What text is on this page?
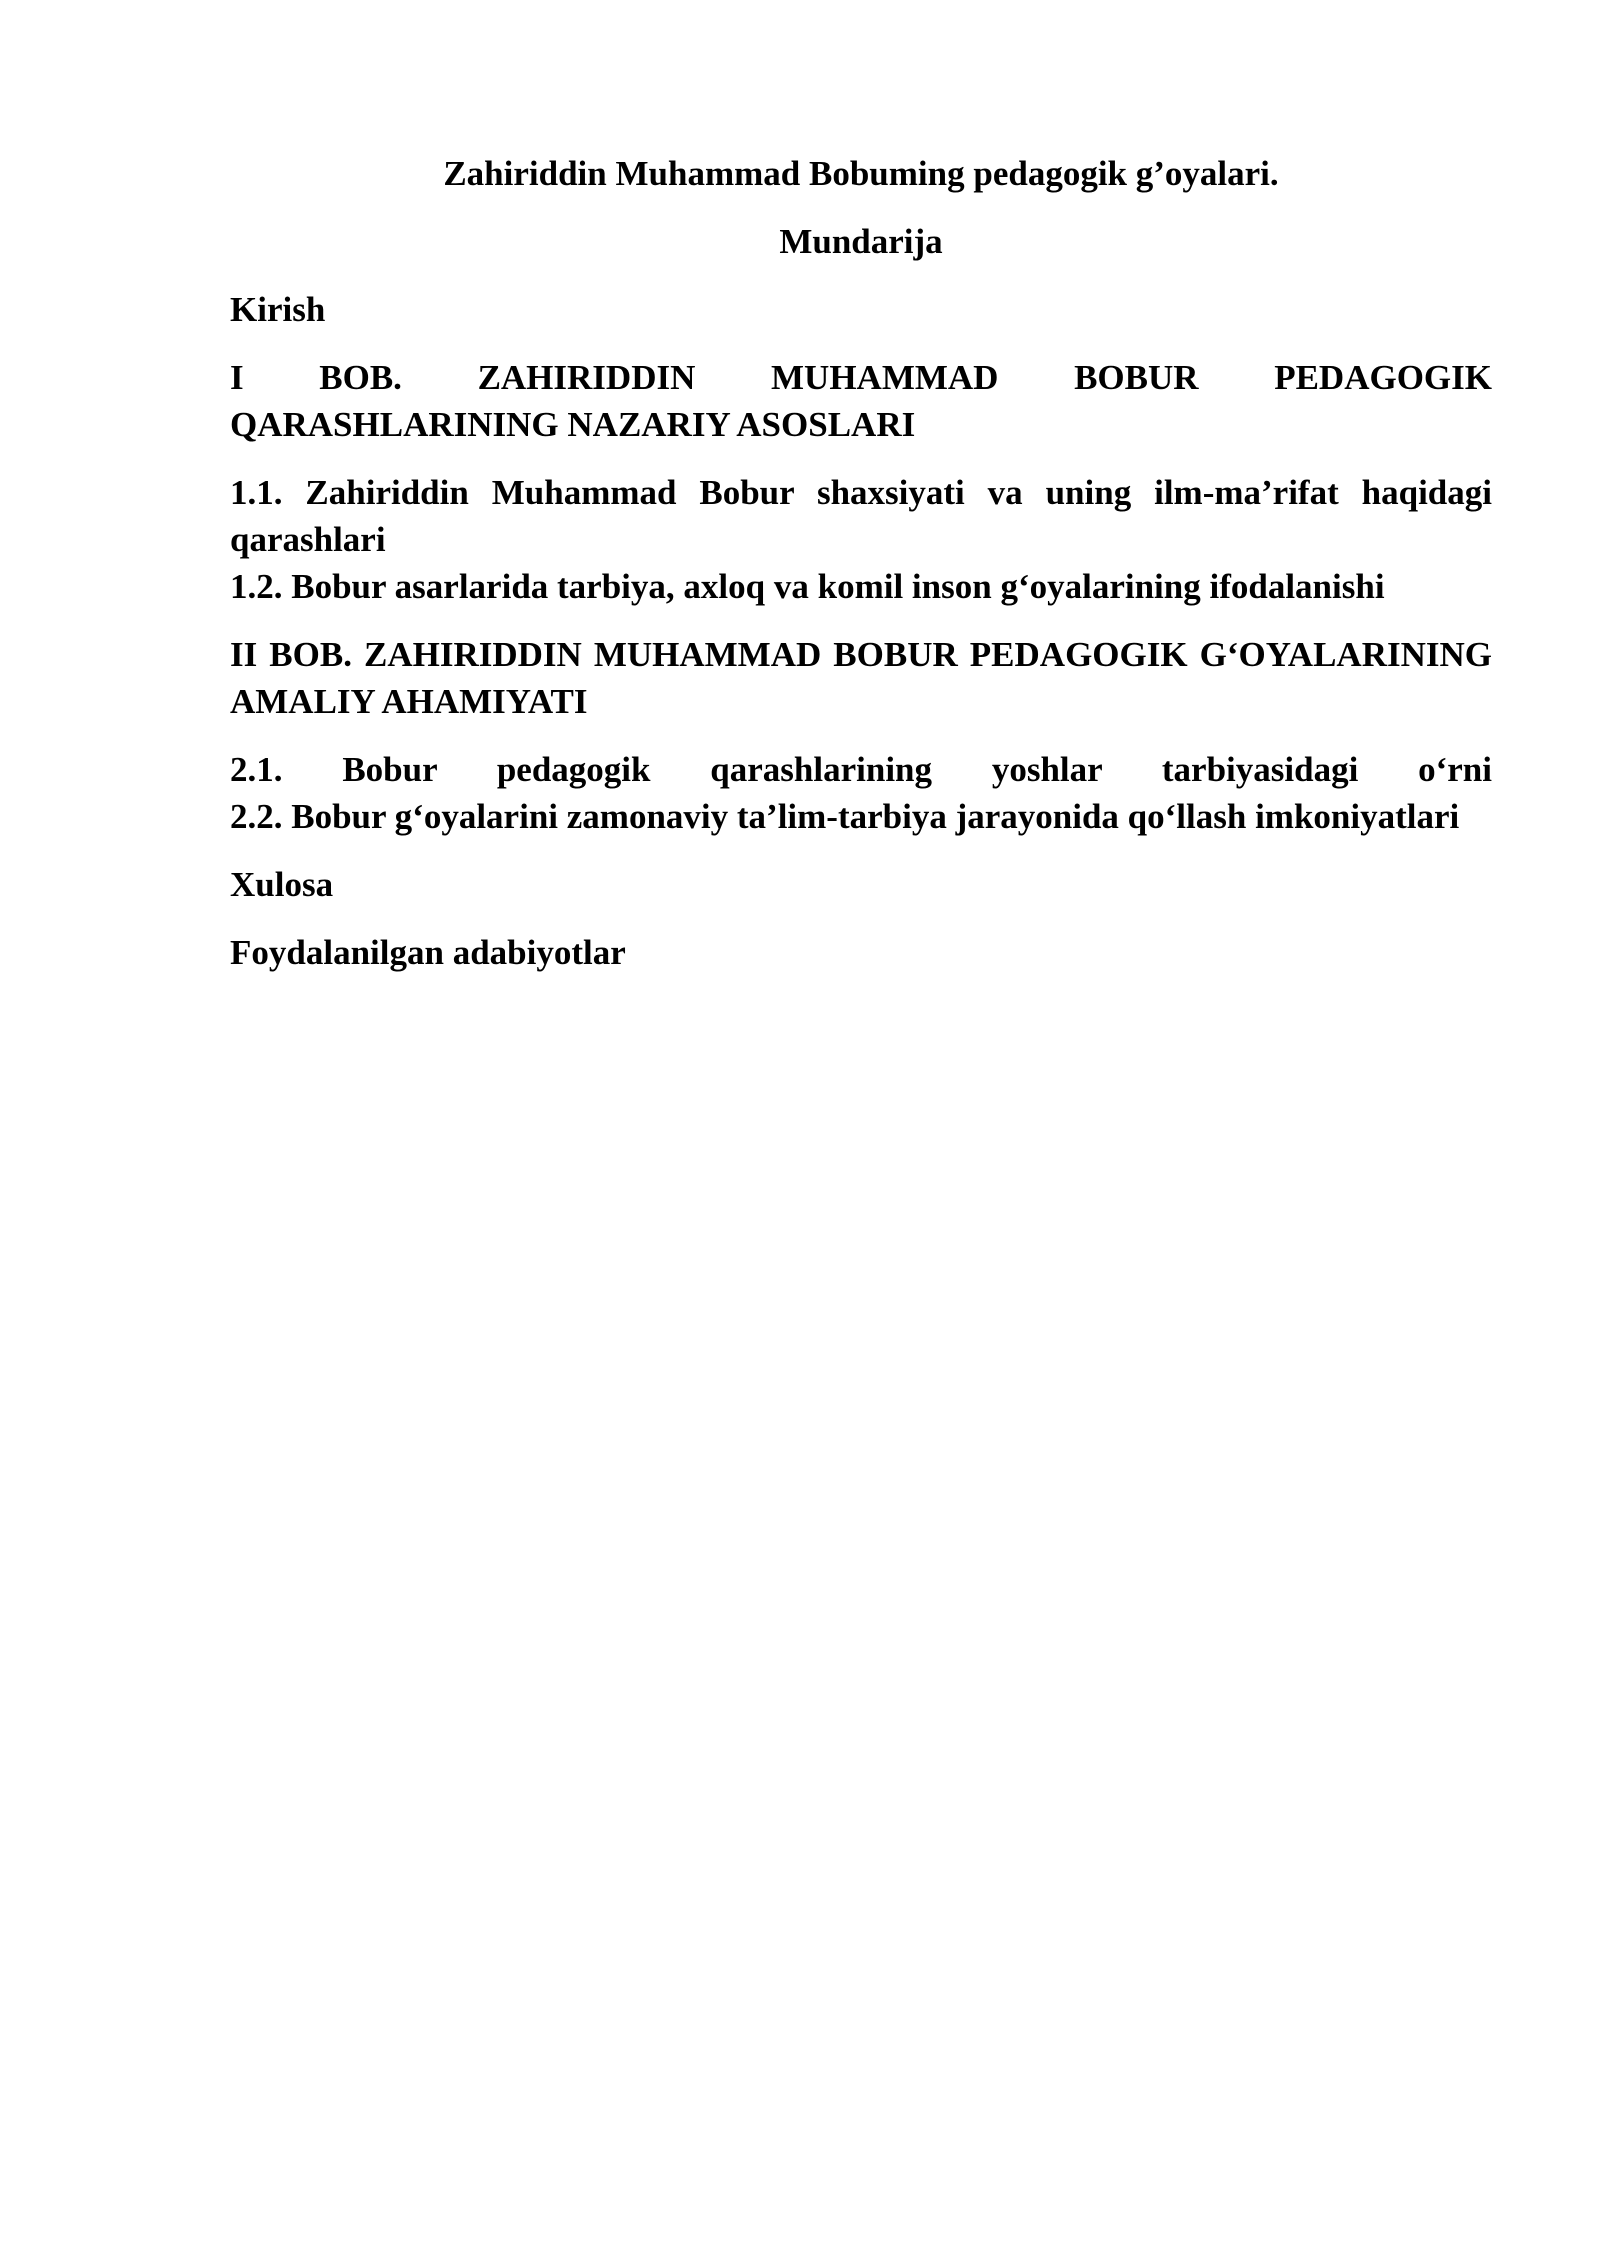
Zahiriddin Muhammad Bobuming pedagogik g’oyalari.
Mundarija
Kirish
I BOB. ZAHIRIDDIN MUHAMMAD BOBUR PEDAGOGIK QARASHLARINING NAZARIY ASOSLARI
1.1. Zahiriddin Muhammad Bobur shaxsiyati va uning ilm-ma’rifat haqidagi qarashlari
1.2. Bobur asarlarida tarbiya, axloq va komil inson g‘oyalarining ifodalanishi
II BOB. ZAHIRIDDIN MUHAMMAD BOBUR PEDAGOGIK G‘OYALARINING AMALIY AHAMIYATI
2.1. Bobur pedagogik qarashlarining yoshlar tarbiyasidagi o‘rni
2.2. Bobur g‘oyalarini zamonaviy ta’lim-tarbiya jarayonida qo‘llash imkoniyatlari
Xulosa
Foydalanilgan adabiyotlar
